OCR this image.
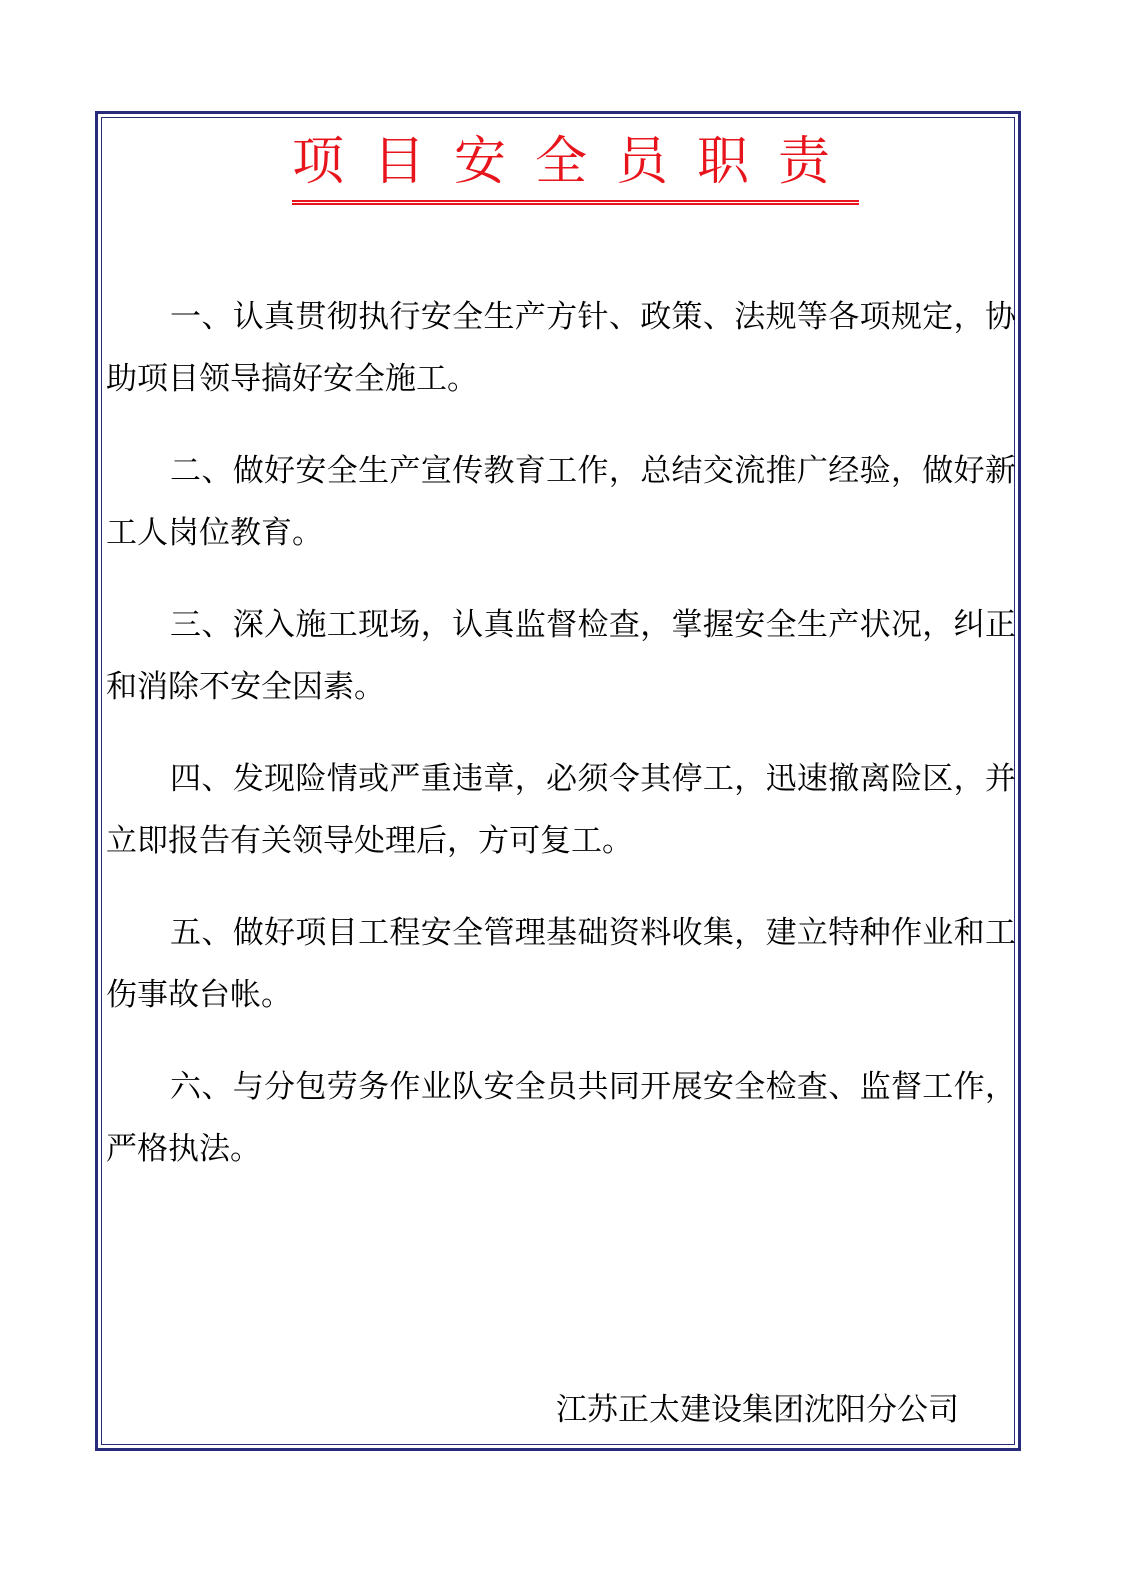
项目安全员职责

一、认真贯彻执行安全生产方针、政策、法规等各项规定，协助项目领导搞好安全施工。

二、做好安全生产宣传教育工作，总结交流推广经验，做好新工人岗位教育。

三、深入施工现场，认真监督检查，掌握安全生产状况，纠正和消除不安全因素。

四、发现险情或严重违章，必须令其停工，迅速撤离险区，并立即报告有关领导处理后，方可复工。

五、做好项目工程安全管理基础资料收集，建立特种作业和工伤事故台帐。

六、与分包劳务作业队安全员共同开展安全检查、监督工作，严格执法。

江苏正太建设集团沈阳分公司
